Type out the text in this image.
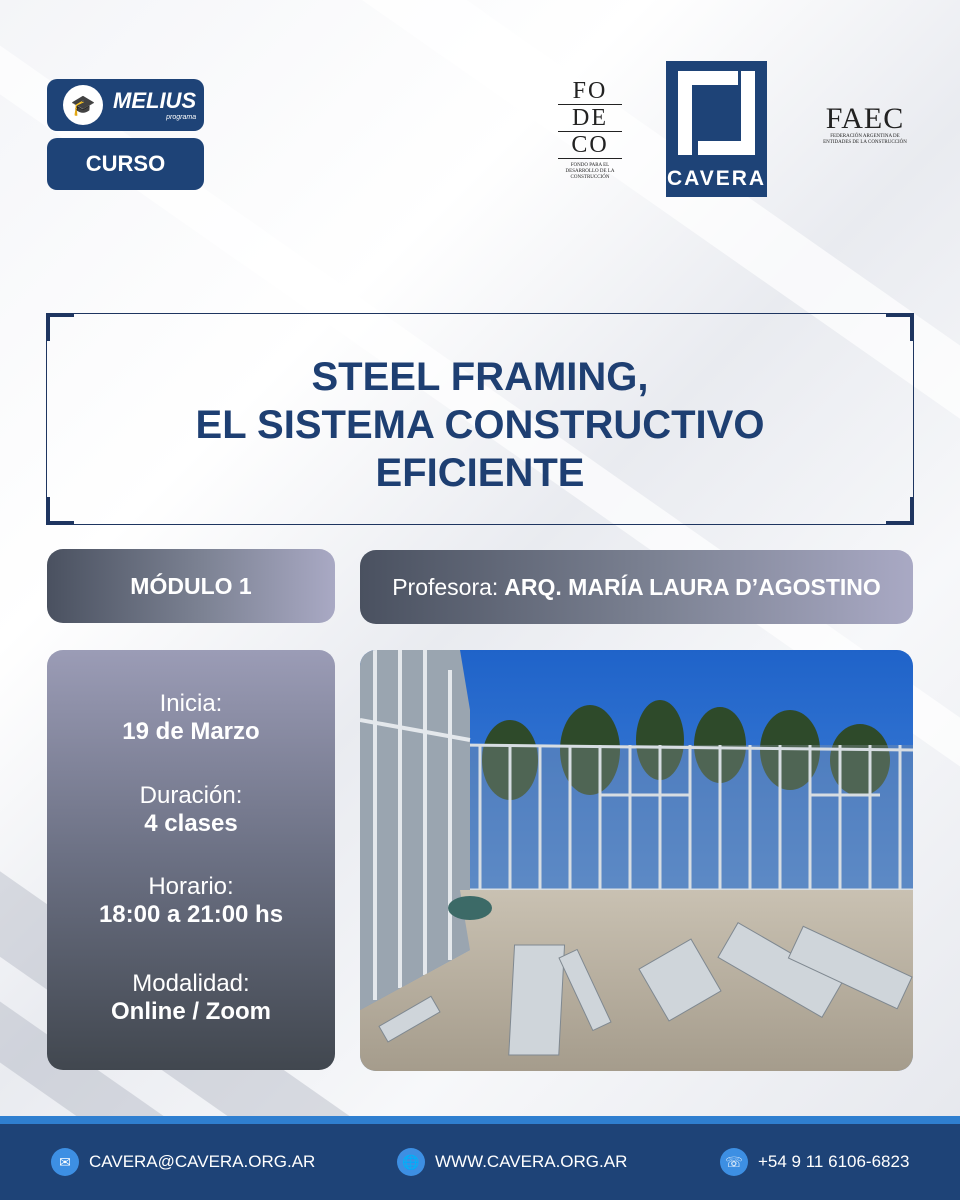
🎓 MELIUS
programa
CURSO
FO
DE
CO
FONDO PARA EL DESARROLLO DE LA CONSTRUCCIÓN	CAVERA
FAEC
FEDERACIÓN ARGENTINA DE ENTIDADES DE LA CONSTRUCCIÓN
STEEL FRAMING,
EL SISTEMA CONSTRUCTIVO
EFICIENTE
MÓDULO 1	Profesora: ARQ. MARÍA LAURA D’AGOSTINO
Inicia:
19 de Marzo
Duración:
4 clases
Horario:
18:00 a 21:00 hs
Modalidad:
Online / Zoom
✉	CAVERA@CAVERA.ORG.AR	🌐 WWW.CAVERA.ORG.AR	☏ +54 9 11 6106-6823
